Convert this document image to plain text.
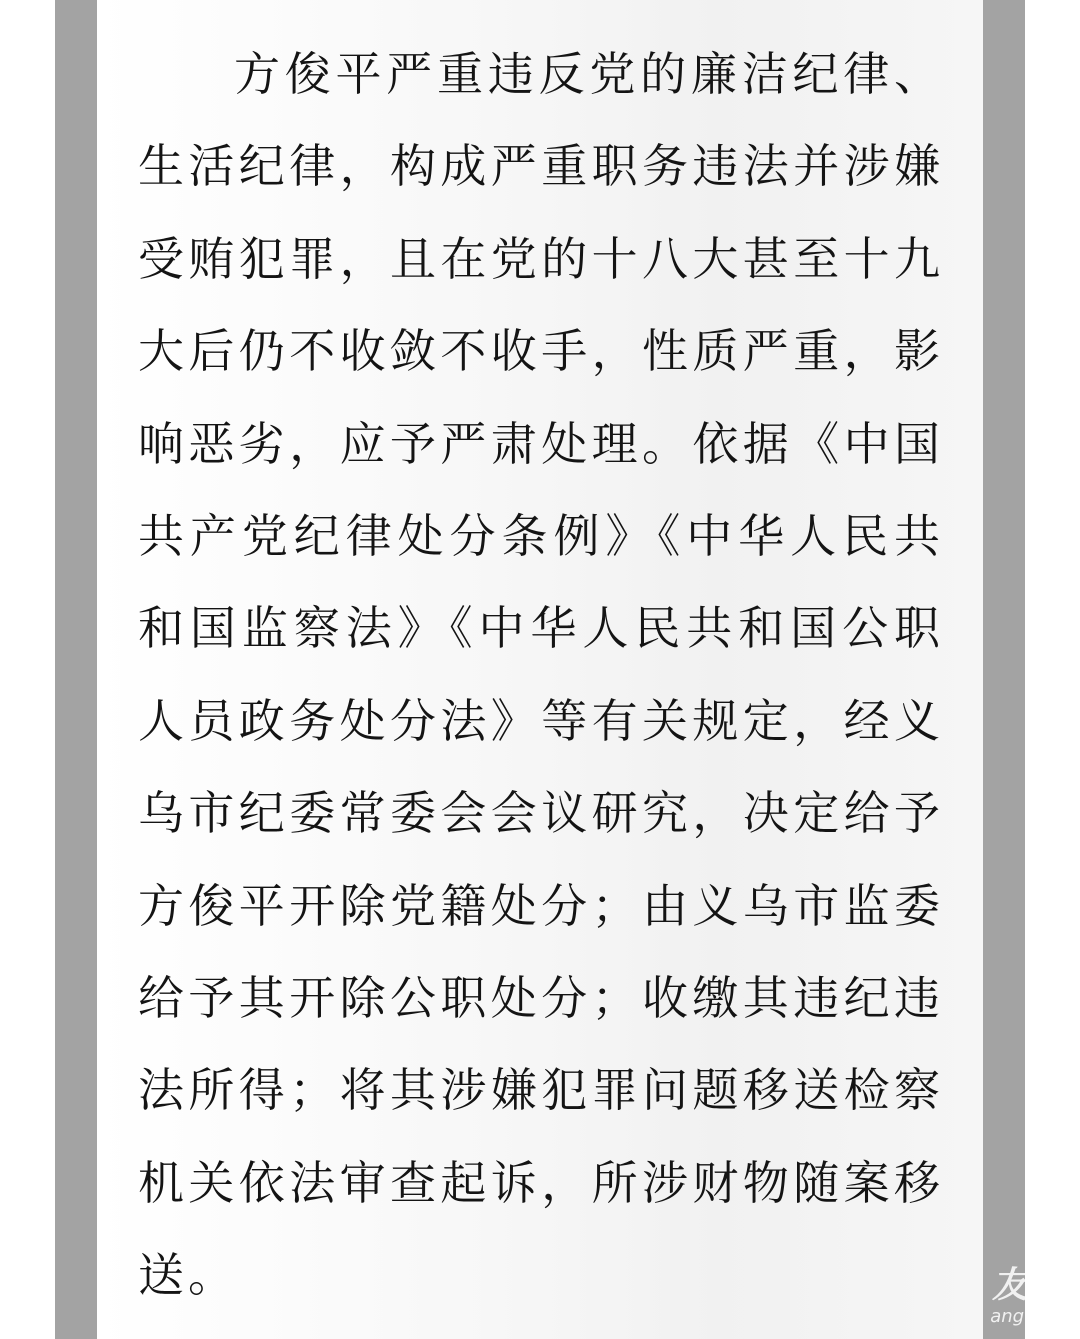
方俊平严重违反党的廉洁纪律、生活纪律，构成严重职务违法并涉嫌受贿犯罪，且在党的十八大甚至十九大后仍不收敛不收手，性质严重，影响恶劣，应予严肃处理。依据《中国共产党纪律处分条例》《中华人民共和国监察法》《中华人民共和国公职人员政务处分法》等有关规定，经义乌市纪委常委会会议研究，决定给予方俊平开除党籍处分；由义乌市监委给予其开除公职处分；收缴其违纪违法所得；将其涉嫌犯罪问题移送检察机关依法审查起诉，所涉财物随案移送。	友
ang.
